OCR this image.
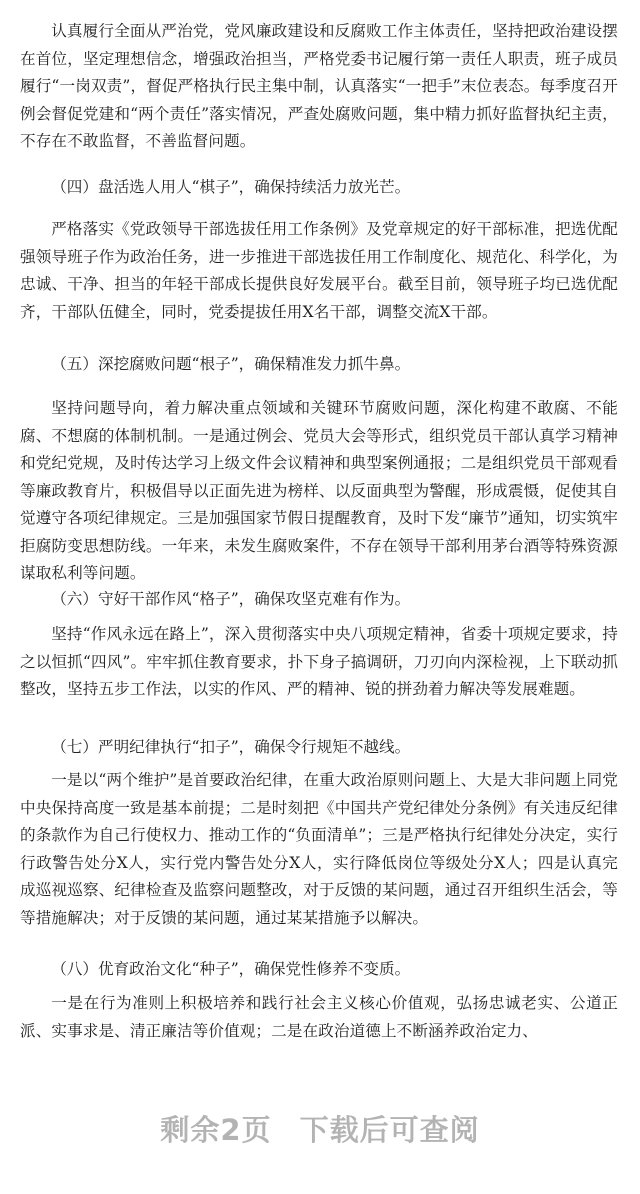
认真履行全面从严治党，党风廉政建设和反腐败工作主体责任，坚持把政治建设摆在首位，坚定理想信念，增强政治担当，严格党委书记履行第一责任人职责，班子成员履行“一岗双责”，督促严格执行民主集中制，认真落实“一把手”末位表态。每季度召开例会督促党建和“两个责任”落实情况，严查处腐败问题，集中精力抓好监督执纪主责，不存在不敢监督，不善监督问题。

（四）盘活选人用人“棋子”，确保持续活力放光芒。

严格落实《党政领导干部选拔任用工作条例》及党章规定的好干部标准，把选优配强领导班子作为政治任务，进一步推进干部选拔任用工作制度化、规范化、科学化，为忠诚、干净、担当的年轻干部成长提供良好发展平台。截至目前，领导班子均已选优配齐，干部队伍健全，同时，党委提拔任用X名干部，调整交流X干部。

（五）深挖腐败问题“根子”，确保精准发力抓牛鼻。

坚持问题导向，着力解决重点领域和关键环节腐败问题，深化构建不敢腐、不能腐、不想腐的体制机制。一是通过例会、党员大会等形式，组织党员干部认真学习精神和党纪党规，及时传达学习上级文件会议精神和典型案例通报；二是组织党员干部观看等廉政教育片，积极倡导以正面先进为榜样、以反面典型为警醒，形成震慑，促使其自觉遵守各项纪律规定。三是加强国家节假日提醒教育，及时下发“廉节”通知，切实筑牢拒腐防变思想防线。一年来，未发生腐败案件，不存在领导干部利用茅台酒等特殊资源谋取私利等问题。

（六）守好干部作风“格子”，确保攻坚克难有作为。

坚持“作风永远在路上”，深入贯彻落实中央八项规定精神，省委十项规定要求，持之以恒抓“四风”。牢牢抓住教育要求，扑下身子搞调研，刀刃向内深检视，上下联动抓整改，坚持五步工作法，以实的作风、严的精神、锐的拼劲着力解决等发展难题。

（七）严明纪律执行“扣子”，确保令行规矩不越线。

一是以“两个维护”是首要政治纪律，在重大政治原则问题上、大是大非问题上同党中央保持高度一致是基本前提；二是时刻把《中国共产党纪律处分条例》有关违反纪律的条款作为自己行使权力、推动工作的“负面清单”；三是严格执行纪律处分决定，实行行政警告处分X人，实行党内警告处分X人，实行降低岗位等级处分X人；四是认真完成巡视巡察、纪律检查及监察问题整改，对于反馈的某问题，通过召开组织生活会，等等措施解决；对于反馈的某问题，通过某某措施予以解决。

（八）优育政治文化“种子”，确保党性修养不变质。

一是在行为准则上积极培养和践行社会主义核心价值观，弘扬忠诚老实、公道正派、实事求是、清正廉洁等价值观；二是在政治道德上不断涵养政治定力、

剩余2页 下载后可查阅
